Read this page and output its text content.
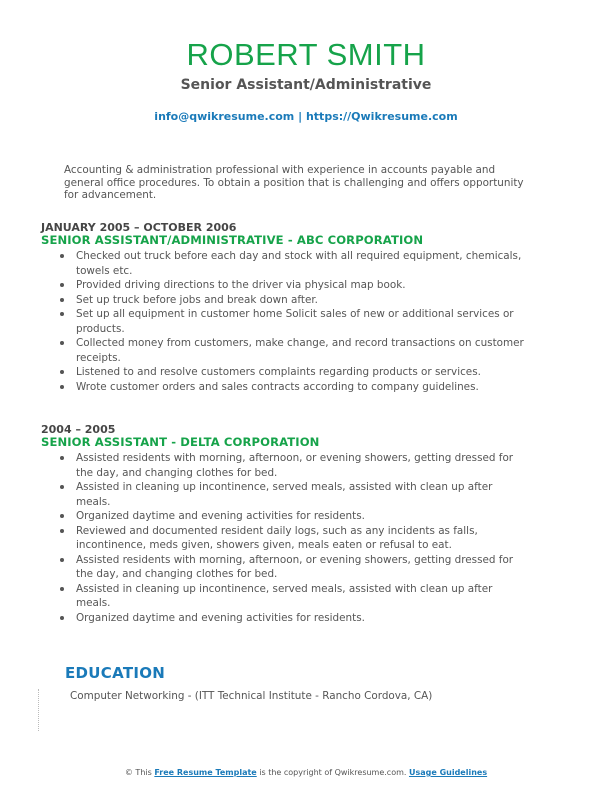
ROBERT SMITH
Senior Assistant/Administrative
info@qwikresume.com | https://Qwikresume.com
Accounting & administration professional with experience in accounts payable and general office procedures. To obtain a position that is challenging and offers opportunity for advancement.
JANUARY 2005 – OCTOBER 2006
SENIOR ASSISTANT/ADMINISTRATIVE - ABC CORPORATION
Checked out truck before each day and stock with all required equipment, chemicals, towels etc.
Provided driving directions to the driver via physical map book.
Set up truck before jobs and break down after.
Set up all equipment in customer home Solicit sales of new or additional services or products.
Collected money from customers, make change, and record transactions on customer receipts.
Listened to and resolve customers complaints regarding products or services.
Wrote customer orders and sales contracts according to company guidelines.
2004 – 2005
SENIOR ASSISTANT - DELTA CORPORATION
Assisted residents with morning, afternoon, or evening showers, getting dressed for the day, and changing clothes for bed.
Assisted in cleaning up incontinence, served meals, assisted with clean up after meals.
Organized daytime and evening activities for residents.
Reviewed and documented resident daily logs, such as any incidents as falls, incontinence, meds given, showers given, meals eaten or refusal to eat.
Assisted residents with morning, afternoon, or evening showers, getting dressed for the day, and changing clothes for bed.
Assisted in cleaning up incontinence, served meals, assisted with clean up after meals.
Organized daytime and evening activities for residents.
EDUCATION
Computer Networking - (ITT Technical Institute - Rancho Cordova, CA)
© This Free Resume Template is the copyright of Qwikresume.com. Usage Guidelines
